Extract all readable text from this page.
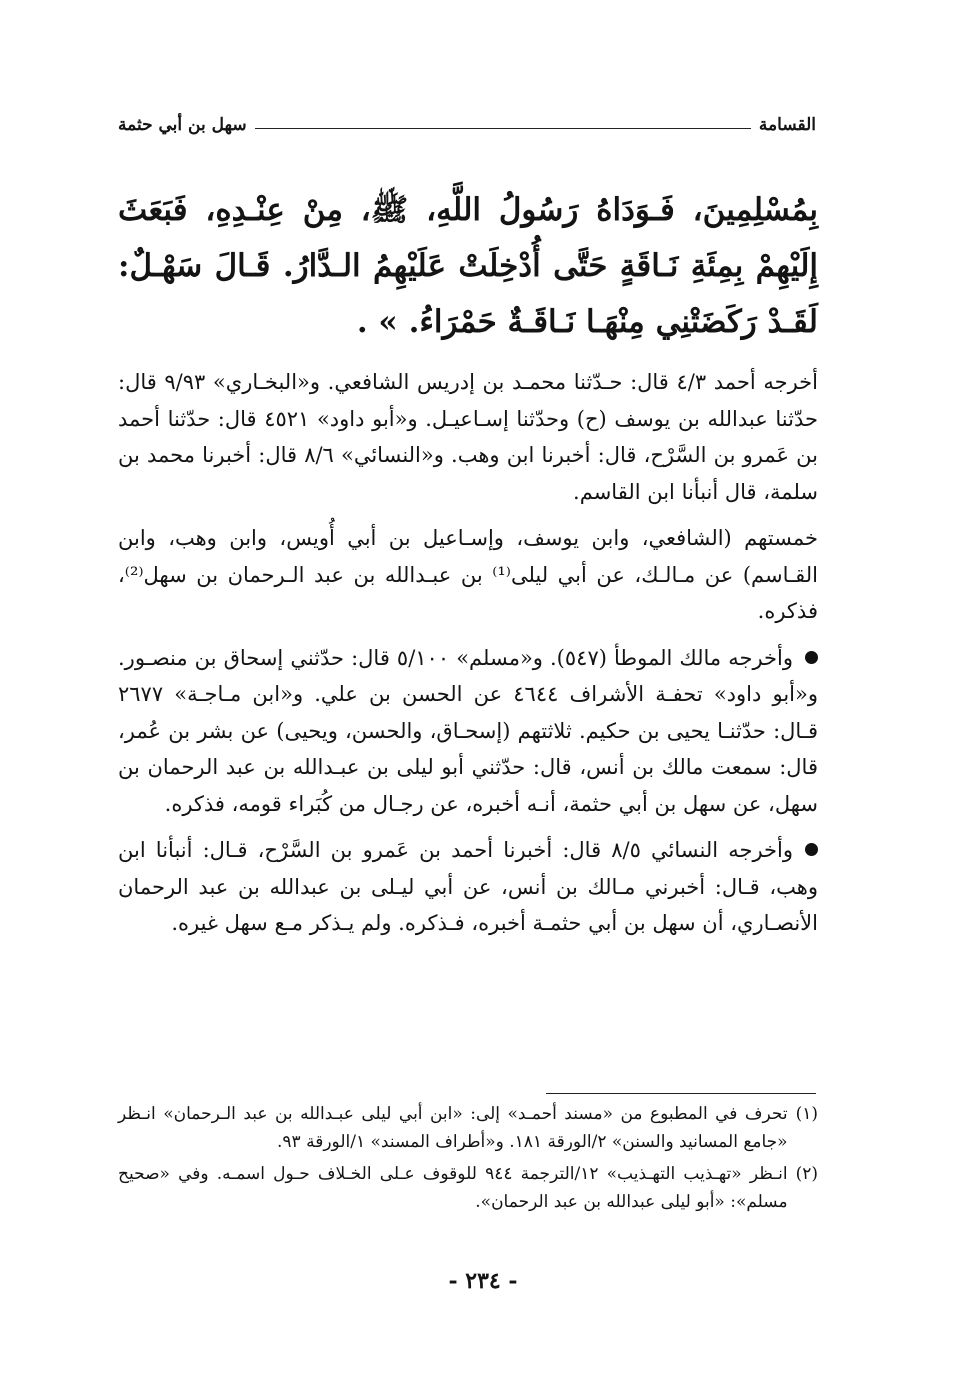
القسامة
سهل بن أبي حثمة

بِمُسْلِمِينَ، فَـوَدَاهُ رَسُولُ اللَّهِ، ﷺ، مِنْ عِنْـدِهِ، فَبَعَثَ إِلَيْهِمْ بِمِئَةِ نَـاقَةٍ حَتَّى أُدْخِلَتْ عَلَيْهِمُ الـدَّارُ. قَـالَ سَهْـلٌ: لَقَـدْ رَكَضَتْنِي مِنْهَـا نَـاقَـةٌ حَمْرَاءُ. » .

أخرجه أحمد ٤/٣ قال: حـدّثنا محمـد بن إدريس الشافعي. و«البخـاري» ٩/٩٣ قال: حدّثنا عبدالله بن يوسف (ح) وحدّثنا إسـاعيـل. و«أبو داود» ٤٥٢١ قال: حدّثنا أحمد بن عَمرو بن السَّرْح، قال: أخبرنا ابن وهب. و«النسائي» ٨/٦ قال: أخبرنا محمد بن سلمة، قال أنبأنا ابن القاسم.

خمستهم (الشافعي، وابن يوسف، وإسـاعيل بن أبي أُويس، وابن وهب، وابن القـاسم) عن مـالـك، عن أبي ليلى⁽¹⁾ بن عبـدالله بن عبد الـرحمان بن سهل⁽²⁾، فذكره.

وأخرجه مالك الموطأ (٥٤٧). و«مسلم» ٥/١٠٠ قال: حدّثني إسحاق بن منصـور. و«أبو داود» تحفـة الأشراف ٤٦٤٤ عن الحسن بن علي. و«ابن مـاجـة» ٢٦٧٧ قـال: حدّثنـا يحيى بن حكيم. ثلاثتهم (إسحـاق، والحسن، ويحيى) عن بشر بن عُمر، قال: سمعت مالك بن أنس، قال: حدّثني أبو ليلى بن عبـدالله بن عبد الرحمان بن سهل، عن سهل بن أبي حثمة، أنـه أخبره، عن رجـال من كُبَراء قومه، فذكره.

وأخرجه النسائي ٨/٥ قال: أخبرنا أحمد بن عَمرو بن السَّرْح، قـال: أنبأنا ابن وهب، قـال: أخبرني مـالك بن أنس، عن أبي ليـلى بن عبدالله بن عبد الرحمان الأنصـاري، أن سهل بن أبي حثمـة أخبره، فـذكره. ولم يـذكر مـع سهل غيره.

(١)
تحرف في المطبوع من «مسند أحمـد» إلى: «ابن أبي ليلى عبـدالله بن عبد الـرحمان» انـظر «جامع المسانيد والسنن» ٢/الورقة ١٨١. و«أطراف المسند» ١/الورقة ٩٣.
(٢)
انـظر «تهـذيب التهـذيب» ١٢/الترجمة ٩٤٤ للوقوف عـلى الخـلاف حـول اسمـه. وفي «صحيح مسلم»: «أبو ليلى عبدالله بن عبد الرحمان».
- ٢٣٤ -
